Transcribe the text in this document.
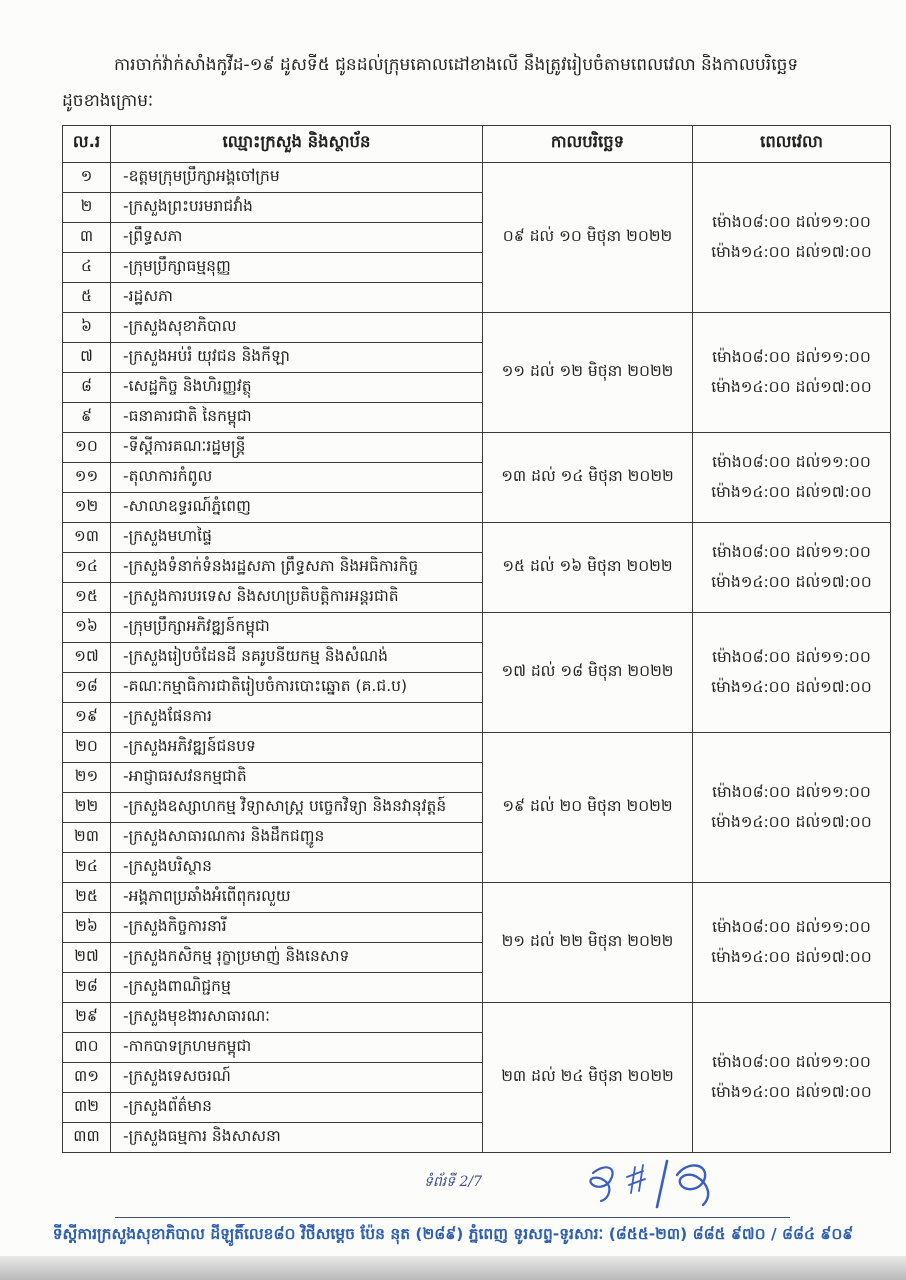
ការចាក់វ៉ាក់សាំងកូវីដ-១៩ ដូសទី៥ ជូនដល់ក្រុមគោលដៅខាងលើ នឹងត្រូវរៀបចំតាមពេលវេលា និងកាលបរិច្ឆេទ
ដូចខាងក្រោមៈ

ល.រ	ឈ្មោះក្រសួង និងស្ថាប័ន	កាលបរិច្ឆេទ	ពេលវេលា
១	-ឧត្តមក្រុមប្រឹក្សាអង្គចៅក្រម	០៩ ដល់ ១០ មិថុនា ២០២២	ម៉ោង០៨:០០ ដល់១១:០០
ម៉ោង១៤:០០ ដល់១៧:០០

២	-ក្រសួងព្រះបរមរាជវាំង		
៣	-ព្រឹទ្ធសភា		
៤	-ក្រុមប្រឹក្សាធម្មនុញ្ញ		
៥	-រដ្ឋសភា		
៦	-ក្រសួងសុខាភិបាល	១១ ដល់ ១២ មិថុនា ២០២២	ម៉ោង០៨:០០ ដល់១១:០០
ម៉ោង១៤:០០ ដល់១៧:០០

៧	-ក្រសួងអប់រំ យុវជន និងកីឡា		
៨	-សេដ្ឋកិច្ច និងហិរញ្ញវត្ថុ		
៩	-ធនាគារជាតិ នៃកម្ពុជា		
១០	-ទីស្តីការគណៈរដ្ឋមន្ត្រី	១៣ ដល់ ១៤ មិថុនា ២០២២	ម៉ោង០៨:០០ ដល់១១:០០
ម៉ោង១៤:០០ ដល់១៧:០០

១១	-តុលាការកំពូល		
១២	-សាលាឧទ្ធរណ៍ភ្នំពេញ		
១៣	-ក្រសួងមហាផ្ទៃ	១៥ ដល់ ១៦ មិថុនា ២០២២	ម៉ោង០៨:០០ ដល់១១:០០
ម៉ោង១៤:០០ ដល់១៧:០០

១៤	-ក្រសួងទំនាក់ទំនងរដ្ឋសភា ព្រឹទ្ធសភា និងអធិការកិច្ច		
១៥	-ក្រសួងការបរទេស និងសហប្រតិបត្តិការអន្តរជាតិ		
១៦	-ក្រុមប្រឹក្សាអភិវឌ្ឍន៍កម្ពុជា	១៧ ដល់ ១៨ មិថុនា ២០២២	ម៉ោង០៨:០០ ដល់១១:០០
ម៉ោង១៤:០០ ដល់១៧:០០

១៧	-ក្រសួងរៀបចំដែនដី នគរូបនីយកម្ម និងសំណង់		
១៨	-គណៈកម្មាធិការជាតិរៀបចំការបោះឆ្នោត (គ.ជ.ប)		
១៩	-ក្រសួងផែនការ		
២០	-ក្រសួងអភិវឌ្ឍន៍ជនបទ	១៩ ដល់ ២០ មិថុនា ២០២២	ម៉ោង០៨:០០ ដល់១១:០០
ម៉ោង១៤:០០ ដល់១៧:០០

២១	-អាជ្ញាធរសវនកម្មជាតិ		
២២	-ក្រសួងឧស្សាហកម្ម វិទ្យាសាស្ត្រ បច្ចេកវិទ្យា និងនវានុវត្តន៍		
២៣	-ក្រសួងសាធារណការ និងដឹកជញ្ជូន		
២៤	-ក្រសួងបរិស្ថាន		
២៥	-អង្គភាពប្រឆាំងអំពើពុករលួយ	២១ ដល់ ២២ មិថុនា ២០២២	ម៉ោង០៨:០០ ដល់១១:០០
ម៉ោង១៤:០០ ដល់១៧:០០

២៦	-ក្រសួងកិច្ចការនារី		
២៧	-ក្រសួងកសិកម្ម រុក្ខាប្រមាញ់ និងនេសាទ		
២៨	-ក្រសួងពាណិជ្ជកម្ម		
២៩	-ក្រសួងមុខងារសាធារណៈ	២៣ ដល់ ២៤ មិថុនា ២០២២	ម៉ោង០៨:០០ ដល់១១:០០
ម៉ោង១៤:០០ ដល់១៧:០០

៣០	-កាកបាទក្រហមកម្ពុជា		
៣១	-ក្រសួងទេសចរណ៍		
៣២	-ក្រសួងព័ត៌មាន		
៣៣	-ក្រសួងធម្មការ និងសាសនា		
ទំព័រទី 2/7
ទីស្តីការក្រសួងសុខាភិបាល ដីឡូតិ៍លេខ៨០ វិថីសម្តេច ប៉ែន នុត (២៨៩) ភ្នំពេញ ទូរសព្ទ-ទូរសារៈ (៨៥៥-២៣) ៨៨៥ ៩៧០ / ៨៨៤ ៩០៩
